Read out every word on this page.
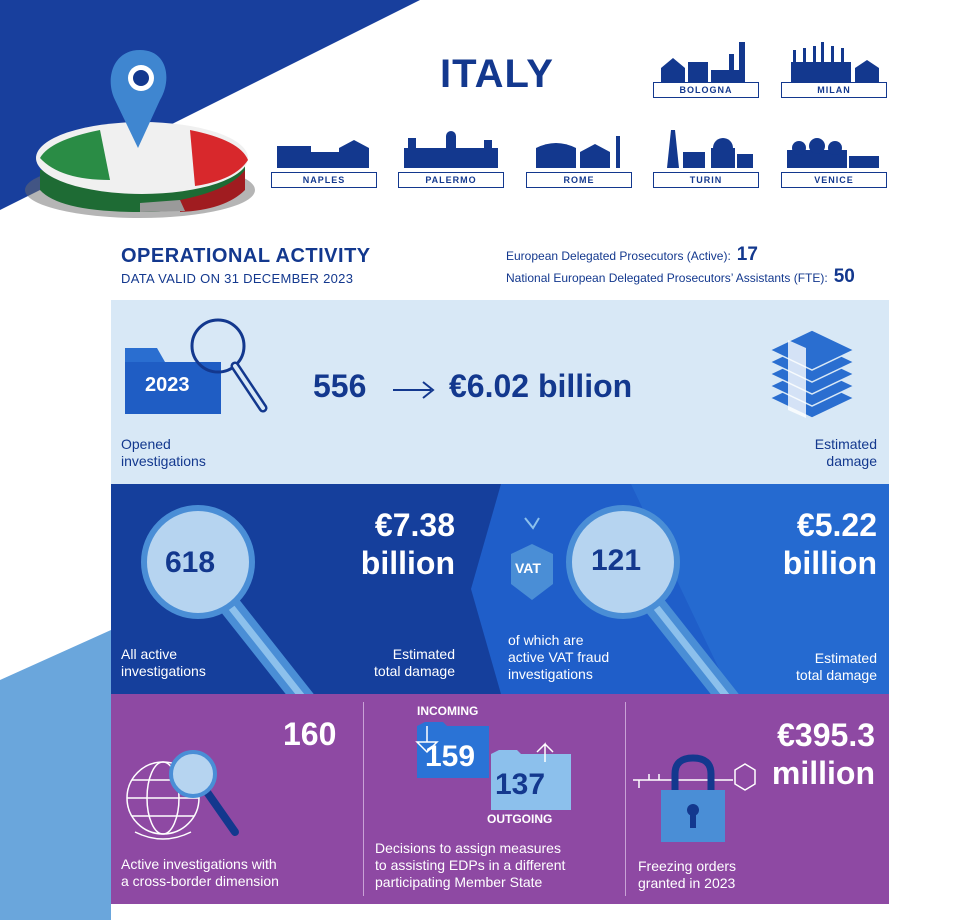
ITALY	BOLOGNA	MILAN
NAPLES	PALERMO	ROME	TURIN	VENICE
OPERATIONAL ACTIVITY
DATA VALID ON 31 DECEMBER 2023
European Delegated Prosecutors (Active): 17
National European Delegated Prosecutors’ Assistants (FTE): 50
2023	556	€6.02 billion
Opened
investigations
Estimated
damage
618
All active
investigations
€7.38
billion
Estimated
total damage
VAT 121
of which are
active VAT fraud
investigations
€5.22
billion
Estimated
total damage
160
Active investigations with
a cross-border dimension
INCOMING
159
137
OUTGOING
Decisions to assign measures
to assisting EDPs in a different
participating Member State
€395.3
million
Freezing orders
granted in 2023
